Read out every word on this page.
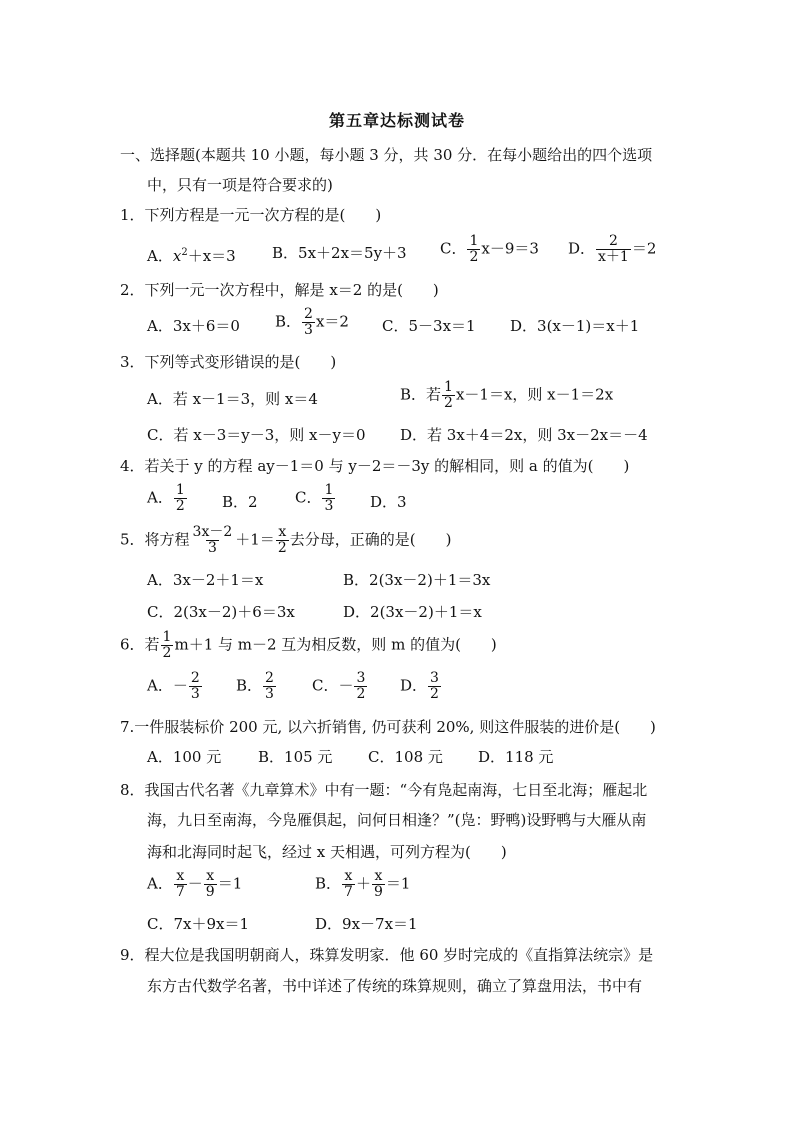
第五章达标测试卷
一、选择题(本题共 10 小题，每小题 3 分，共 30 分．在每小题给出的四个选项
中，只有一项是符合要求的)
1．下列方程是一元一次方程的是(　　)
A．$x^2+x=3$ B．5x＋2x＝5y＋3 C． $\frac{1}{2} x-9=3$ D． $\frac{2}{x+1} =2$
2．下列一元一次方程中，解是 x＝2 的是(　　)
A．3x＋6＝0 B． $\frac{2}{3} x=2$ C．5－3x＝1 D．3(x－1)＝x＋1
3．下列等式变形错误的是(　　)
A．若 x－1＝3，则 x＝4	B．若 $\frac{1}{2} x-1=x$，则 x－1＝2x
C．若 x－3＝y－3，则 x－y＝0 D．若 3x＋4＝2x，则 3x－2x＝－4
4．若关于 y 的方程 ay－1＝0 与 y－2＝－3y 的解相同，则 a 的值为(　　)
A． $\frac{1}{2}$ B．2 C． $\frac{1}{3}$ D．3
5．将方程 $\frac{3x-2}{3} +1= \frac{x}{2}$ 去分母，正确的是(　　)
A．3x－2＋1＝x	B．2(3x－2)＋1＝3x
C．2(3x－2)＋6＝3x	D．2(3x－2)＋1＝x
6．若 $\frac{1}{2} m+1$ 与 m－2 互为相反数，则 m 的值为(　　)
A．－ $\frac{2}{3}$ B． $\frac{2}{3}$ C．－ $\frac{3}{2}$ D． $\frac{3}{2}$
7.一件服装标价 200 元, 以六折销售, 仍可获利 20%, 则这件服装的进价是(　　)
A．100 元 B．105 元 C．108 元 D．118 元
8．我国古代名著《九章算术》中有一题：“今有凫起南海，七日至北海；雁起北
海，九日至南海，今凫雁俱起，问何日相逢？”(凫：野鸭)设野鸭与大雁从南
海和北海同时起飞，经过 x 天相遇，可列方程为(　　)
A． $\frac{x}{7} - \frac{x}{9} =1$	B． $\frac{x}{7} + \frac{x}{9} =1$
C．7x＋9x＝1	D．9x－7x＝1
9．程大位是我国明朝商人，珠算发明家．他 60 岁时完成的《直指算法统宗》是
东方古代数学名著，书中详述了传统的珠算规则，确立了算盘用法，书中有
